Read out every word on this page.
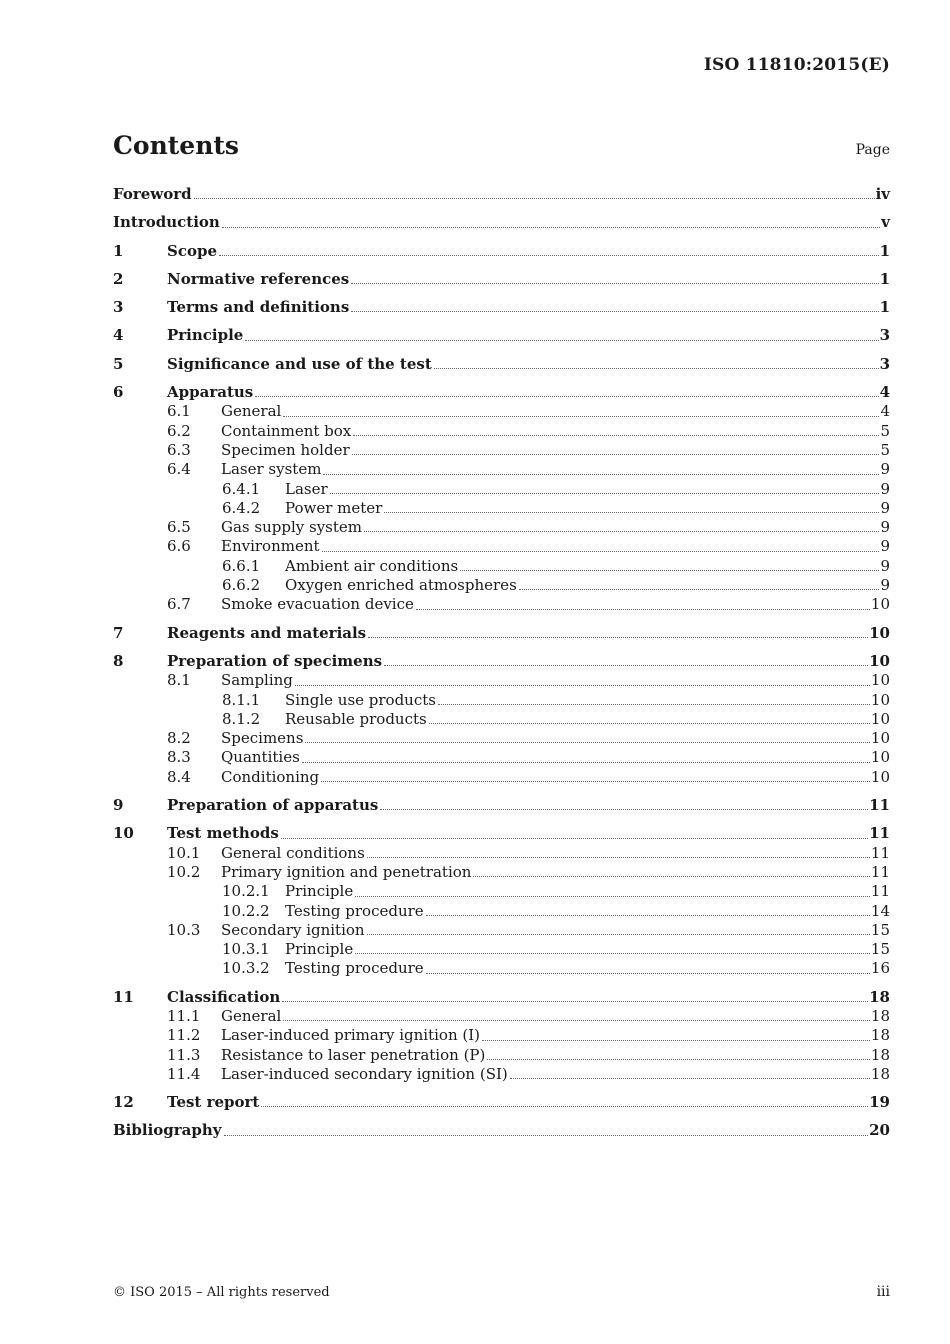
ISO 11810:2015(E)
Contents	Page
Foreword	iv
Introduction	v
1	Scope	1
2	Normative references	1
3	Terms and definitions	1
4	Principle	3
5	Significance and use of the test	3
6	Apparatus	4
6.1	General	4
6.2	Containment box	5
6.3	Specimen holder	5
6.4	Laser system	9
6.4.1	Laser	9
6.4.2	Power meter	9
6.5	Gas supply system	9
6.6	Environment	9
6.6.1	Ambient air conditions	9
6.6.2	Oxygen enriched atmospheres	9
6.7	Smoke evacuation device	10
7	Reagents and materials	10
8	Preparation of specimens	10
8.1	Sampling	10
8.1.1	Single use products	10
8.1.2	Reusable products	10
8.2	Specimens	10
8.3	Quantities	10
8.4	Conditioning	10
9	Preparation of apparatus	11
10	Test methods	11
10.1	General conditions	11
10.2	Primary ignition and penetration	11
10.2.1	Principle	11
10.2.2	Testing procedure	14
10.3	Secondary ignition	15
10.3.1	Principle	15
10.3.2	Testing procedure	16
11	Classification	18
11.1	General	18
11.2	Laser-induced primary ignition (I)	18
11.3	Resistance to laser penetration (P)	18
11.4	Laser-induced secondary ignition (SI)	18
12	Test report	19
Bibliography	20
© ISO 2015 – All rights reserved	iii
